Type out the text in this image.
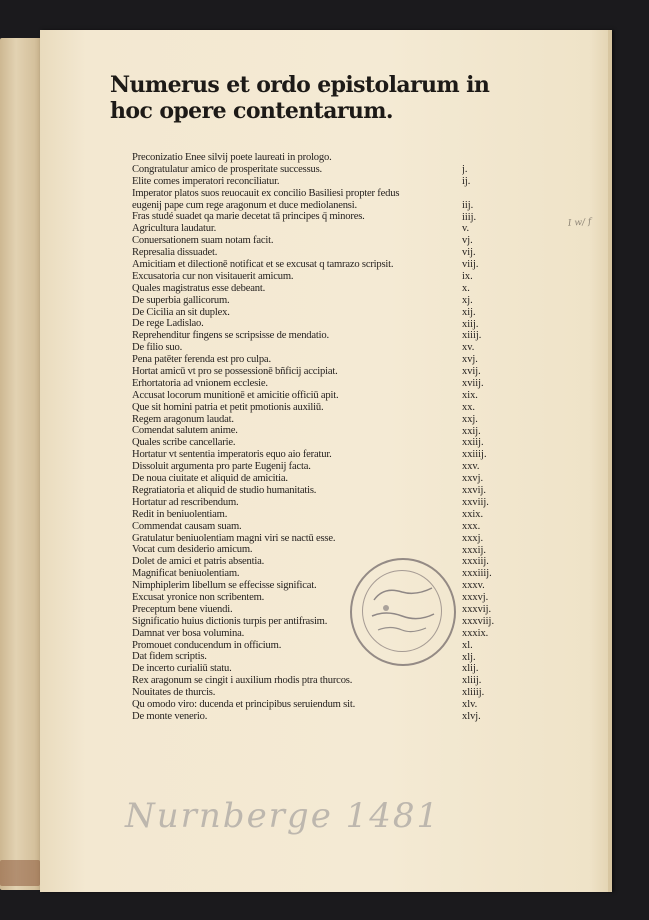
Numerus et ordo epistolarum in hoc opere contentarum.
Preconizatio Enee silvij poete laureati in prologo.
Congratulatur amico de prosperitate successus.
Elite comes imperatori reconciliatur.
Imperator platos suos reuocauit ex concilio Basiliesi propter fedus
eugenij pape cum rege aragonum et duce mediolanensi.
Fras studé suadet qa marie decetat tā principes q̄ minores.
Agricultura laudatur.
Conuersationem suam notam facit.
Represalia dissuadet.
Amicitiam et dilectionē notificat et se excusat q tamrazo scripsit.
Excusatoria cur non visitauerit amicum.
Quales magistratus esse debeant.
De superbia gallicorum.
De Cicilia an sit duplex.
De rege Ladislao.
Reprehenditur fingens se scripsisse de mendatio.
De filio suo.
Pena patēter ferenda est pro culpa.
Hortat amicū vt pro se possessionē bñficij accipiat.
Erhortatoria ad vnionem ecclesie.
Accusat locorum munitionē et amicitie officiū apit.
Que sit homini patria et petit pmotionis auxiliū.
Regem aragonum laudat.
Comendat salutem anime.
Quales scribe cancellarie.
Hortatur vt sententia imperatoris equo aio feratur.
Dissoluit argumenta pro parte Eugenij facta.
De noua ciuitate et aliquid de amicitia.
Regratiatoria et aliquid de studio humanitatis.
Hortatur ad rescribendum.
Redit in beniuolentiam.
Commendat causam suam.
Gratulatur beniuolentiam magni viri se nactū esse.
Vocat cum desiderio amicum.
Dolet de amici et patris absentia.
Magnificat beniuolentiam.
Nimphiplerim libellum se effecisse significat.
Excusat yronice non scribentem.
Preceptum bene viuendi.
Significatio huius dictionis turpis per antifrasim.
Damnat ver bosa volumina.
Promouet conducendum in officium.
Dat fidem scriptis.
De incerto curialiū statu.
Rex aragonum se cingit i auxilium rhodis ptra thurcos.
Nouitates de thurcis.
Qu omodo viro: ducenda et principibus seruiendum sit.
De monte venerio.
j.
ij.
iij.
iiij.
v.
vj.
vij.
viij.
ix.
x.
xj.
xij.
xiij.
xiiij.
xv.
xvj.
xvij.
xviij.
xix.
xx.
xxj.
xxij.
xxiij.
xxiiij.
xxv.
xxvj.
xxvij.
xxviij.
xxix.
xxx.
xxxj.
xxxij.
xxxiij.
xxxiiij.
xxxv.
xxxvj.
xxxvij.
xxxviij.
xxxix.
xl.
xlj.
xlij.
xliij.
xliiij.
xlv.
xlvj.
I w/ f
Nurnberge 1481
